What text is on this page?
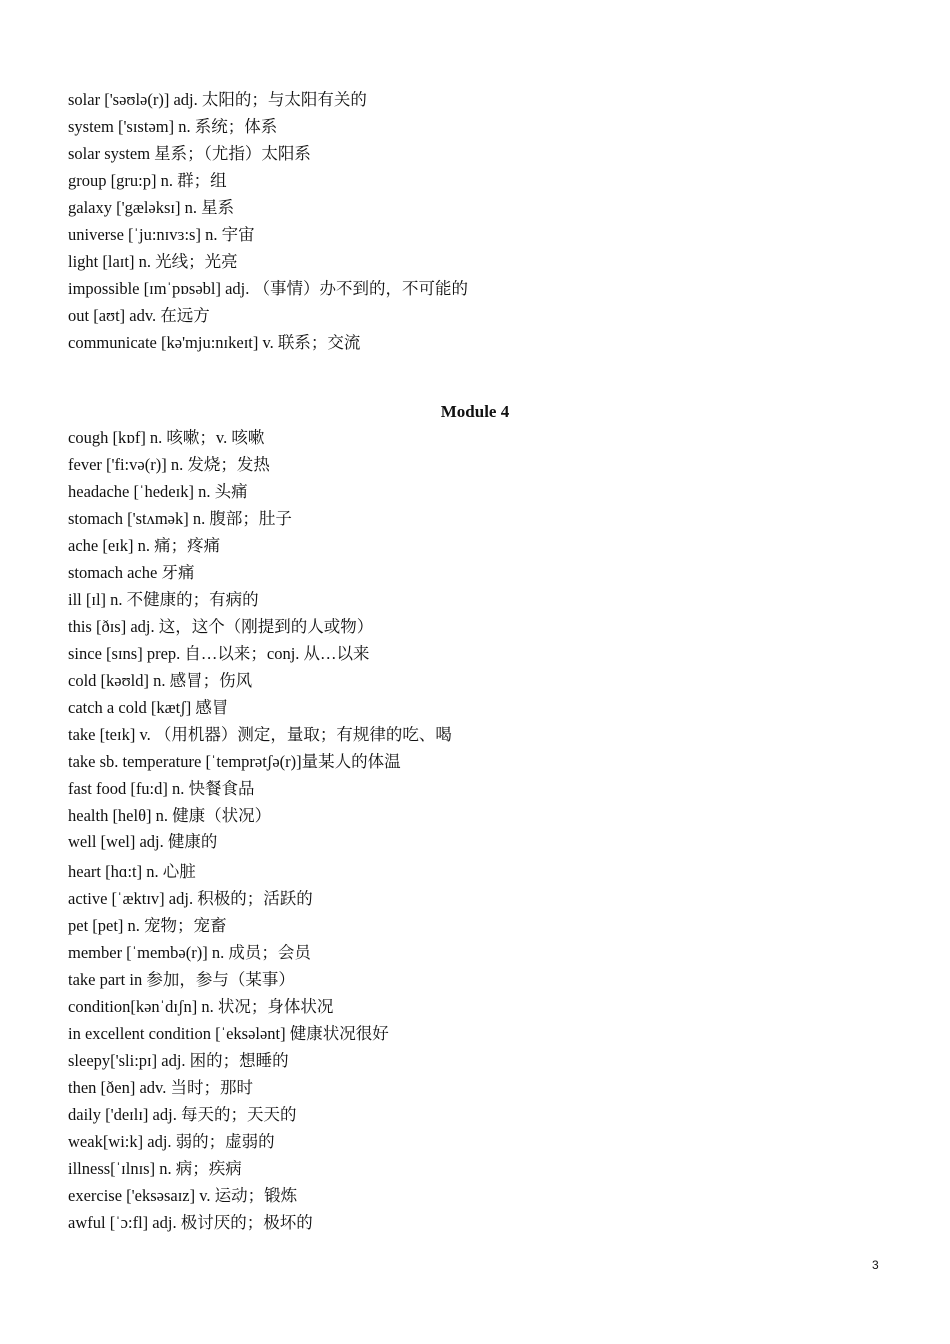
solar ['sǝʊlǝ(r)] adj. 太阳的；与太阳有关的
system ['sɪstǝm] n. 系统；体系
solar system 星系；（尤指）太阳系
group [gru:p] n. 群；组
galaxy ['gælǝksɪ] n. 星系
universe [ˈju:nɪvɜ:s] n. 宇宙
light [laɪt] n. 光线；光亮
impossible [ɪmˈpɒsǝbl] adj. （事情）办不到的，不可能的
out [aʊt] adv. 在远方
communicate [kǝ'mju:nɪkeɪt] v. 联系；交流
Module 4
cough [kɒf] n. 咳嗽；v. 咳嗽
fever ['fi:vǝ(r)] n. 发烧；发热
headache [ˈhedeɪk] n. 头痛
stomach ['stʌmǝk] n. 腹部；肚子
ache [eɪk] n. 痛；疼痛
stomach ache 牙痛
ill [ɪl] n. 不健康的；有病的
this [ðɪs] adj. 这，这个（刚提到的人或物）
since [sɪns] prep. 自…以来；conj. 从…以来
cold [kǝʊld] n. 感冒；伤风
catch a cold [kætʃ] 感冒
take [teɪk] v. （用机器）测定，量取；有规律的吃、喝
take sb. temperature [ˈtemprǝtʃǝ(r)]量某人的体温
fast food [fu:d] n. 快餐食品
health [helθ] n. 健康（状况）
well [wel] adj. 健康的
heart [hɑ:t] n. 心脏
active [ˈæktɪv] adj. 积极的；活跃的
pet [pet] n. 宠物；宠畜
member [ˈmembǝ(r)] n. 成员；会员
take part in 参加，参与（某事）
condition[kǝnˈdɪʃn] n. 状况；身体状况
in excellent condition [ˈeksǝlǝnt] 健康状况很好
sleepy['sli:pɪ] adj. 困的；想睡的
then [ðen] adv. 当时；那时
daily ['deɪlɪ] adj. 每天的；天天的
weak[wi:k] adj. 弱的；虚弱的
illness[ˈɪlnɪs] n. 病；疾病
exercise ['eksǝsaɪz] v. 运动；锻炼
awful [ˈɔ:fl] adj. 极讨厌的；极坏的
3
